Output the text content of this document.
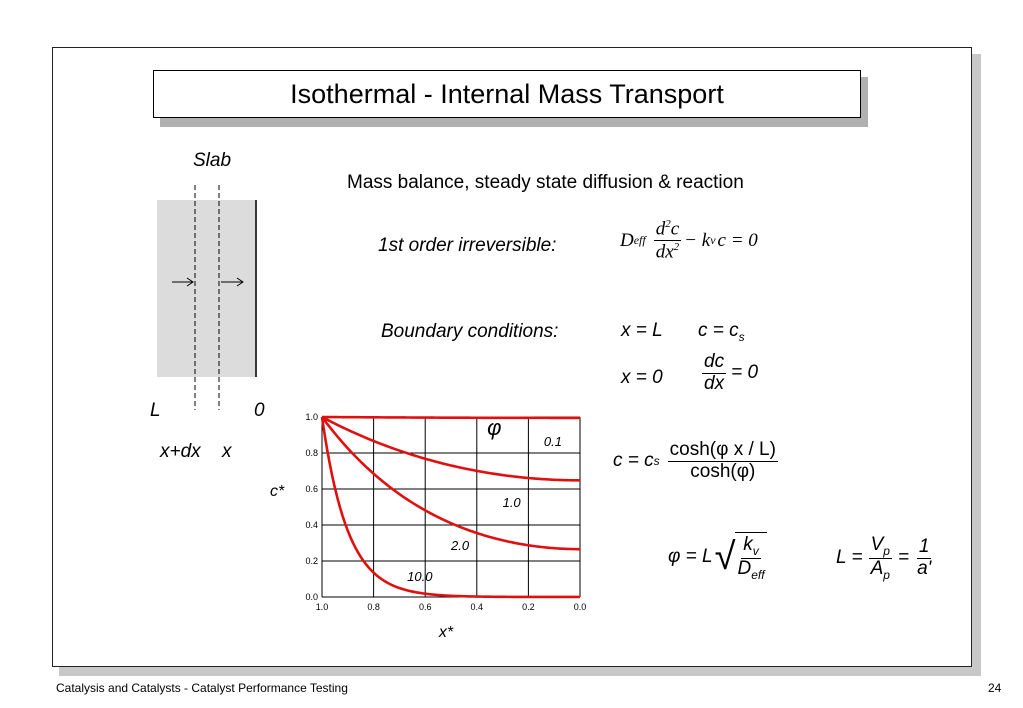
Isothermal - Internal Mass Transport
Slab
L	0
x+dx x
Mass balance, steady state diffusion & reaction
1st order irreversible:	D eff $\frac{d^2c}{dx^2} - k$ v c = 0
Boundary conditions:	x = L $c = c_s$
$x = 0 \frac{dc}{dx} = 0$
c = c s $\frac{\text{cosh(φ x / L)}}{\cosh(\varphi)}$
φ = L √ $\frac{k_v}{D_{eff}}$	$L = \frac{V_p}{A_p} = \frac{1}{a'}$
1.0	0.8	0.6	0.4	0.2	0.0
0.0
0.2
0.4
0.6
0.8
1.0
x*
c*
0.1
1.0
2.0
10.0
φ
Catalysis and Catalysts - Catalyst Performance Testing	24
